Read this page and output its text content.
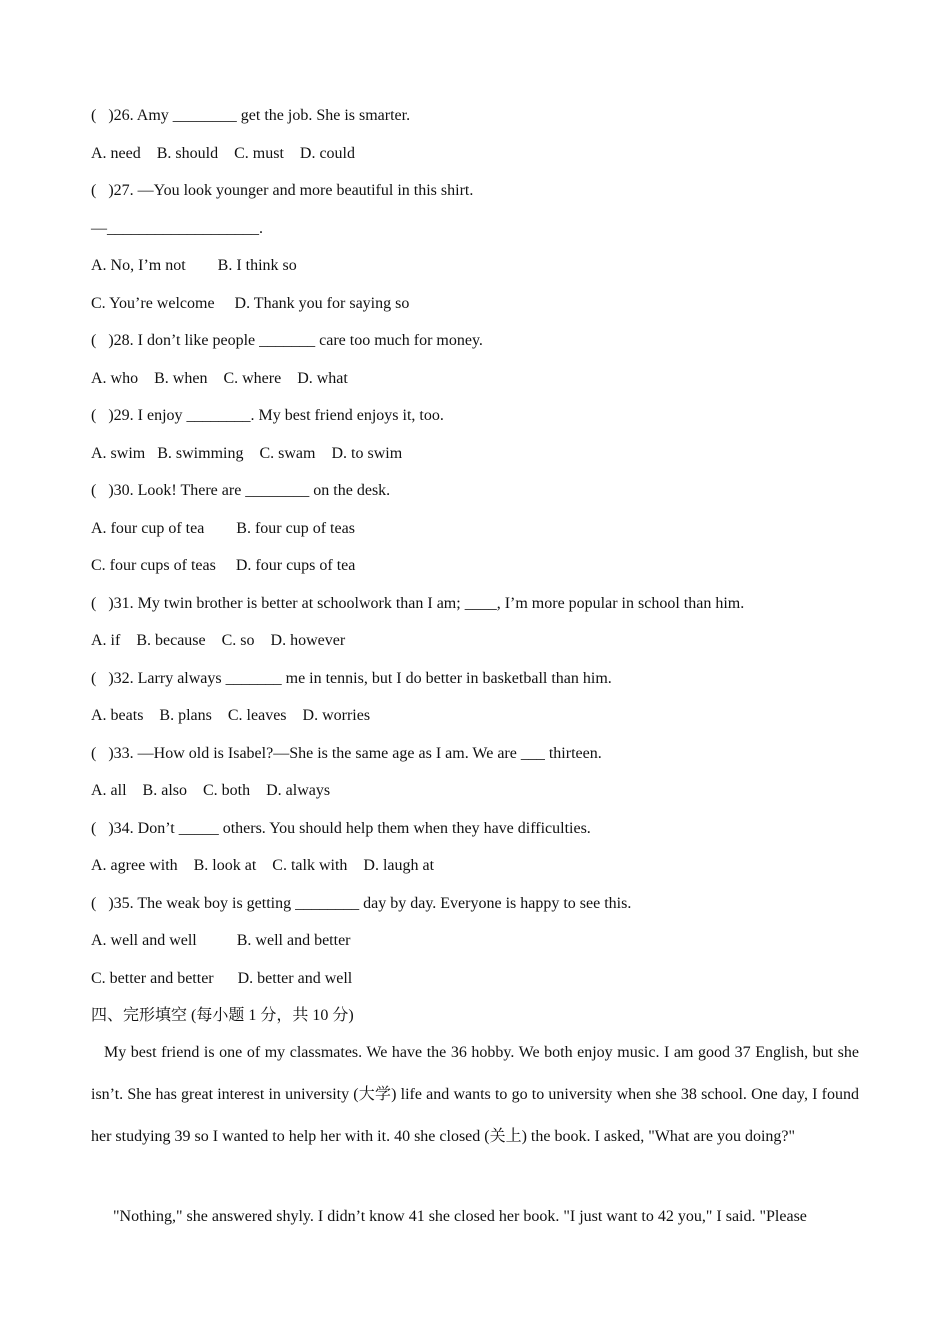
(   )26. Amy ________ get the job. She is smarter.
A. need    B. should    C. must    D. could
(   )27. —You look younger and more beautiful in this shirt.
—___________________.
A. No, I’m not        B. I think so
C. You’re welcome     D. Thank you for saying so
(   )28. I don’t like people _______ care too much for money.
A. who    B. when    C. where    D. what
(   )29. I enjoy ________. My best friend enjoys it, too.
A. swim   B. swimming    C. swam    D. to swim
(   )30. Look! There are ________ on the desk.
A. four cup of tea        B. four cup of teas
C. four cups of teas     D. four cups of tea
(   )31. My twin brother is better at schoolwork than I am; ____, I’m more popular in school than him.
A. if    B. because    C. so    D. however
(   )32. Larry always _______ me in tennis, but I do better in basketball than him.
A. beats    B. plans    C. leaves    D. worries
(   )33. —How old is Isabel?—She is the same age as I am. We are ___ thirteen.
A. all    B. also    C. both    D. always
(   )34. Don’t _____ others. You should help them when they have difficulties.
A. agree with    B. look at    C. talk with    D. laugh at
(   )35. The weak boy is getting ________ day by day. Everyone is happy to see this.
A. well and well          B. well and better
C. better and better      D. better and well
四、完形填空 (每小题 1 分，共 10 分)
My best friend is one of my classmates. We have the 36 hobby. We both enjoy music. I am good 37 English, but she isn’t. She has great interest in university (大学) life and wants to go to university when she 38 school. One day, I found her studying 39 so I wanted to help her with it. 40 she closed (关上) the book. I asked, "What are you doing?"
"Nothing," she answered shyly. I didn’t know 41 she closed her book. "I just want to 42 you," I said. "Please
